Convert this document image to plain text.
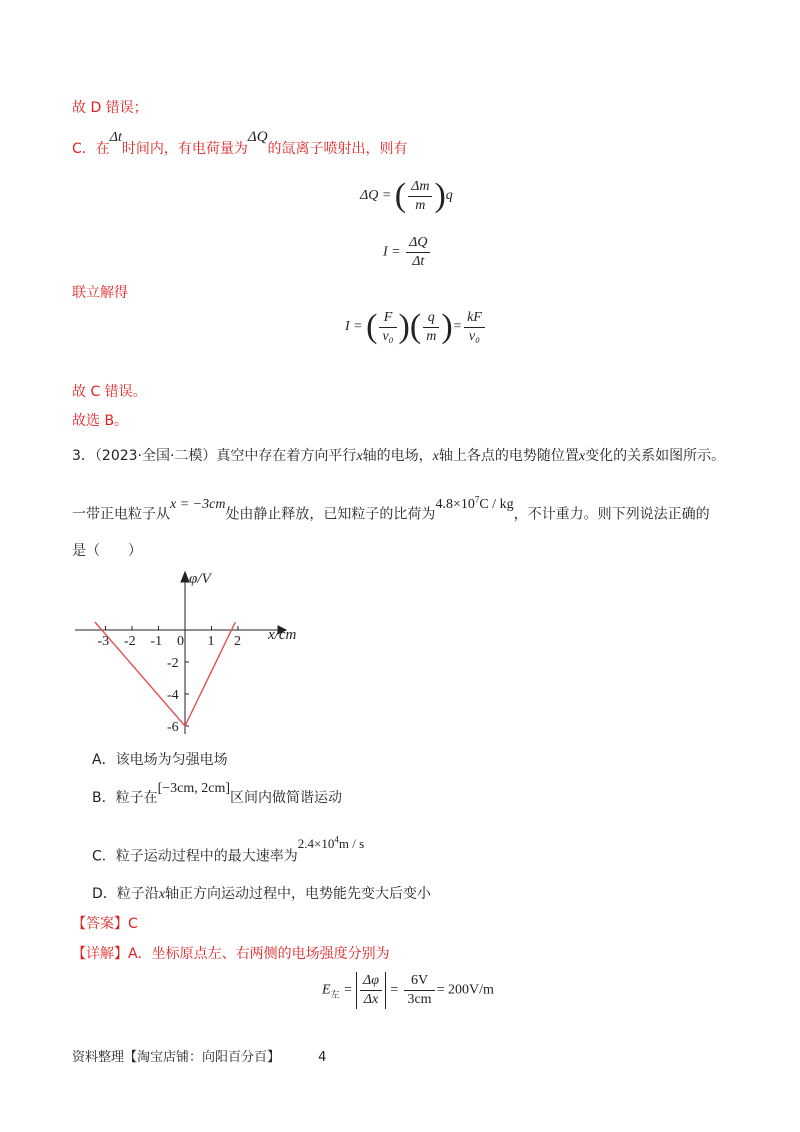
故 D 错误；
C．在Δt时间内，有电荷量为ΔQ的氙离子喷射出，则有
ΔQ = ( $\frac{\Delta m}{m} )q$
$I = \frac{\Delta Q}{\Delta t}$
联立解得
I = ( $\frac{F}{\text{v₀}}$ )( $\frac{q}{m}$ )= $\frac{kF}{\text{v₀}}$
故 C 错误。
故选 B。
3．（2023·全国·二模）真空中存在着方向平行x轴的电场，x轴上各点的电势随位置x变化的关系如图所示。
一带正电粒子从x = −3cm处由静止释放，已知粒子的比荷为$4.8\times 10^7C$ / kg，不计重力。则下列说法正确的
是（　　）
-3 -2 -1 0 1 2
-2
-4
-6
φ/V
x/cm
A．该电场为匀强电场
B．粒子在[−3cm, 2cm]区间内做简谐运动
C．粒子运动过程中的最大速率为$2.4\times 10^4m / s$
D．粒子沿x轴正方向运动过程中，电势能先变大后变小
【答案】C
【详解】A．坐标原点左、右两侧的电场强度分别为
$E_左 = \frac{\Delta\varphi}{\Delta x} = \frac{6V}{3cm} = 200V/m$
资料整理【淘宝店铺：向阳百分百】	4
